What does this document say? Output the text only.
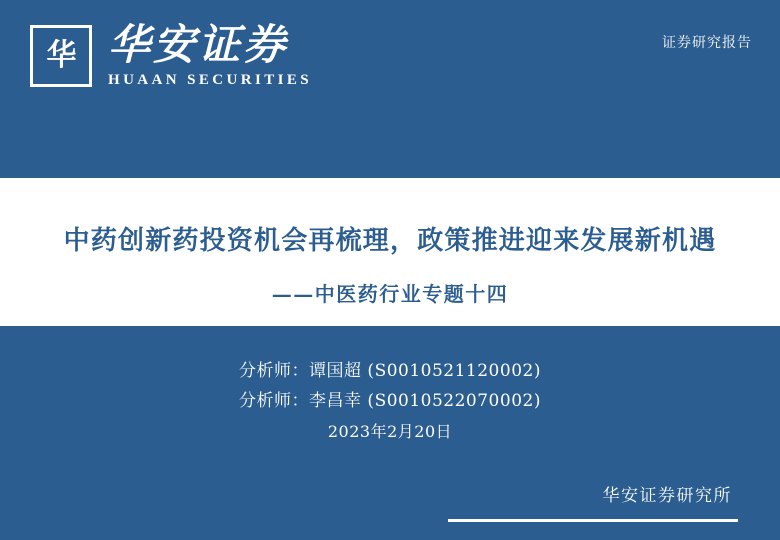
华 华安证券
HUAAN SECURITIES
证券研究报告
中药创新药投资机会再梳理，政策推进迎来发展新机遇
——中医药行业专题十四
分析师：谭国超 (S0010521120002)
分析师：李昌幸 (S0010522070002)
2023年2月20日
华安证券研究所
